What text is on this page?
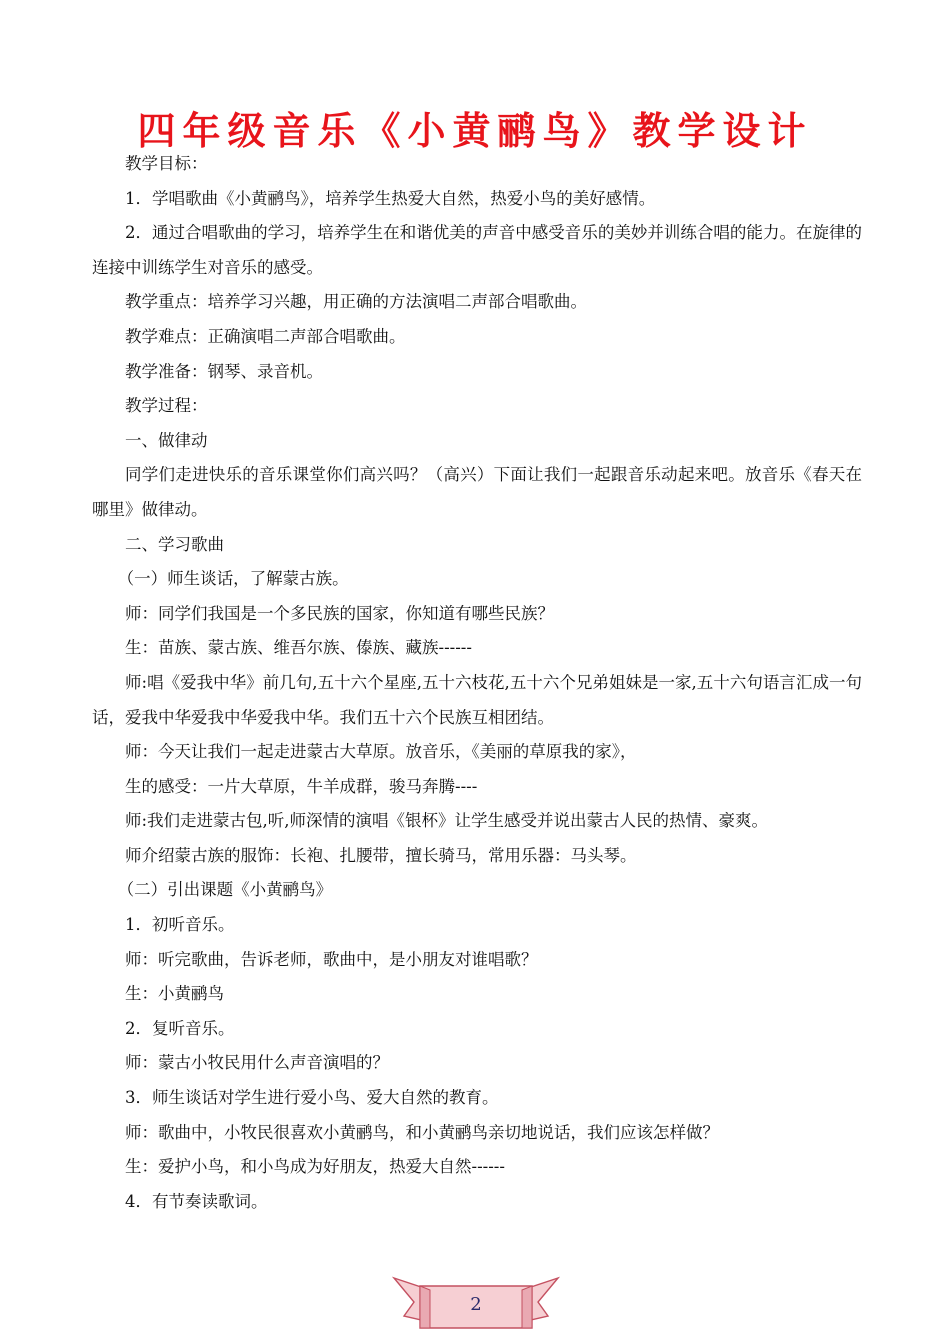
四年级音乐《小黄鹂鸟》教学设计

教学目标：

1．学唱歌曲《小黄鹂鸟》，培养学生热爱大自然，热爱小鸟的美好感情。

2．通过合唱歌曲的学习，培养学生在和谐优美的声音中感受音乐的美妙并训练合唱的能力。在旋律的连接中训练学生对音乐的感受。

教学重点：培养学习兴趣，用正确的方法演唱二声部合唱歌曲。

教学难点：正确演唱二声部合唱歌曲。

教学准备：钢琴、录音机。

教学过程：

一、做律动

同学们走进快乐的音乐课堂你们高兴吗？（高兴）下面让我们一起跟音乐动起来吧。放音乐《春天在哪里》做律动。

二、学习歌曲

（一）师生谈话，了解蒙古族。

师：同学们我国是一个多民族的国家，你知道有哪些民族？

生：苗族、蒙古族、维吾尔族、傣族、藏族------

师:唱《爱我中华》前几句,五十六个星座,五十六枝花,五十六个兄弟姐妹是一家,五十六句语言汇成一句话，爱我中华爱我中华爱我中华。我们五十六个民族互相团结。

师：今天让我们一起走进蒙古大草原。放音乐，《美丽的草原我的家》，

生的感受：一片大草原，牛羊成群，骏马奔腾----

师:我们走进蒙古包,听,师深情的演唱《银杯》让学生感受并说出蒙古人民的热情、豪爽。

师介绍蒙古族的服饰：长袍、扎腰带，擅长骑马，常用乐器：马头琴。

（二）引出课题《小黄鹂鸟》

1．初听音乐。

师：听完歌曲，告诉老师，歌曲中，是小朋友对谁唱歌？

生：小黄鹂鸟

2．复听音乐。

师：蒙古小牧民用什么声音演唱的？

3．师生谈话对学生进行爱小鸟、爱大自然的教育。

师：歌曲中，小牧民很喜欢小黄鹂鸟，和小黄鹂鸟亲切地说话，我们应该怎样做？

生：爱护小鸟，和小鸟成为好朋友，热爱大自然------

4．有节奏读歌词。

2
